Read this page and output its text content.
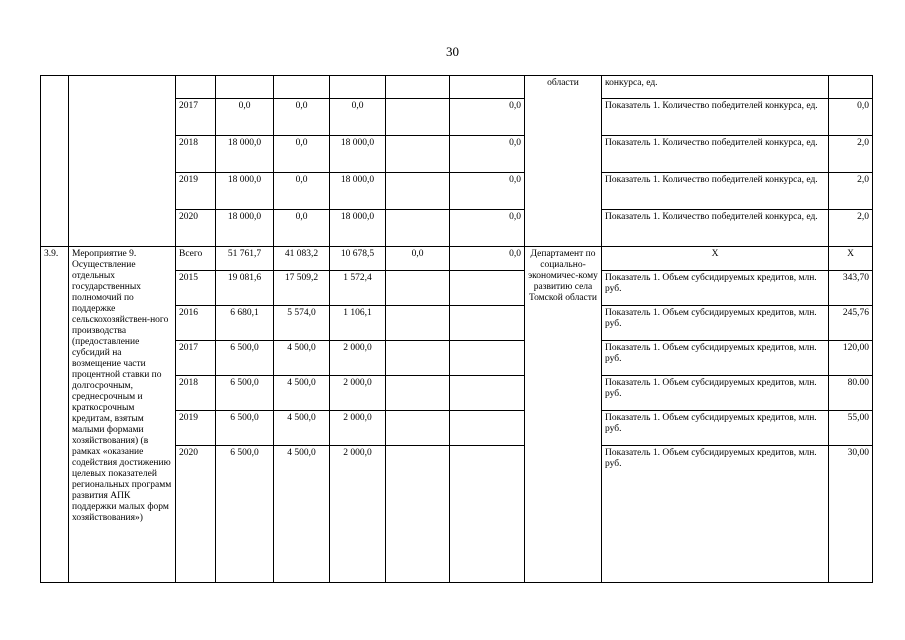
30
								области	конкурса, ед.	
		2017	0,0	0,0	0,0		0,0		Показатель 1. Количество победителей конкурса, ед.	0,0
		2018	18 000,0	0,0	18 000,0		0,0		Показатель 1. Количество победителей конкурса, ед.	2,0
		2019	18 000,0	0,0	18 000,0		0,0		Показатель 1. Количество победителей конкурса, ед.	2,0
		2020	18 000,0	0,0	18 000,0		0,0		Показатель 1. Количество победителей конкурса, ед.	2,0
3.9.	Мероприятие 9. Осуществление отдельных государственных полномочий по поддержке сельскохозяйствен-ного производства (предоставление субсидий на возмещение части процентной ставки по долгосрочным, среднесрочным и краткосрочным кредитам, взятым малыми формами хозяйствования) (в рамках «оказание содействия достижению целевых показателей региональных программ развития АПК поддержки малых форм хозяйствования»)	Всего	51 761,7	41 083,2	10 678,5	0,0	0,0	Департамент по социально-экономичес-кому развитию села Томской области	Х	Х
		2015	19 081,6	17 509,2	1 572,4				Показатель 1. Объем субсидируемых кредитов, млн. руб.	343,70
		2016	6 680,1	5 574,0	1 106,1				Показатель 1. Объем субсидируемых кредитов, млн. руб.	245,76
		2017	6 500,0	4 500,0	2 000,0				Показатель 1. Объем субсидируемых кредитов, млн. руб.	120,00
		2018	6 500,0	4 500,0	2 000,0				Показатель 1. Объем субсидируемых кредитов, млн. руб.	80.00
		2019	6 500,0	4 500,0	2 000,0				Показатель 1. Объем субсидируемых кредитов, млн. руб.	55,00
		2020	6 500,0	4 500,0	2 000,0				Показатель 1. Объем субсидируемых кредитов, млн. руб.	30,00
